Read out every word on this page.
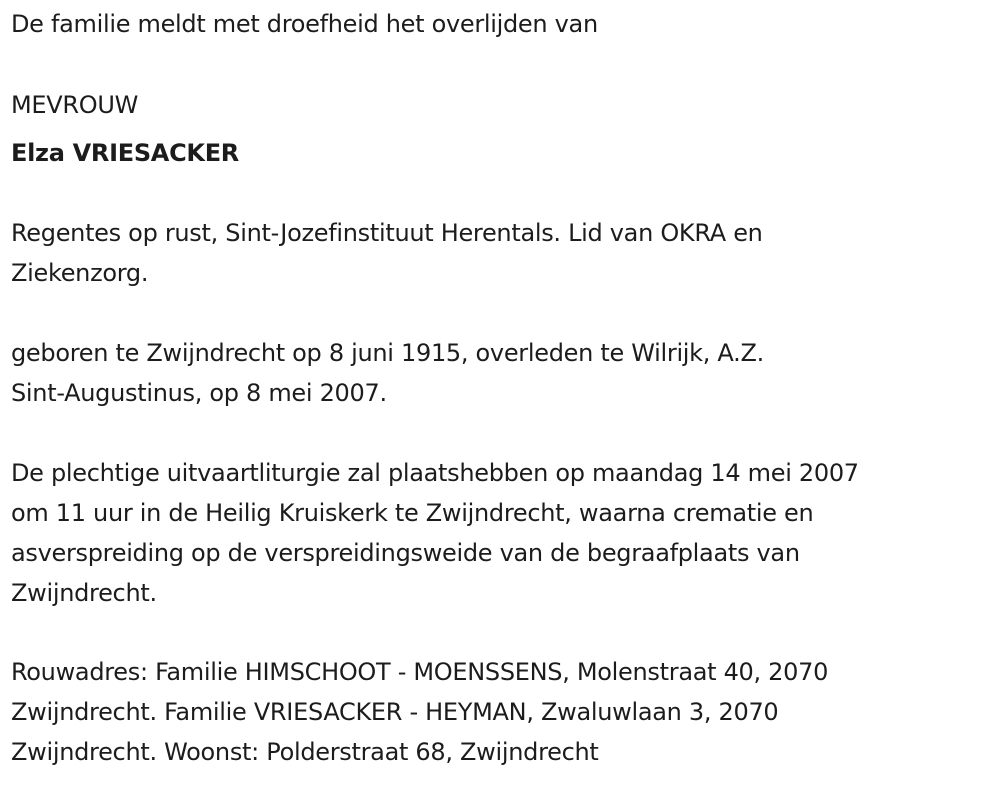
De familie meldt met droefheid het overlijden van
MEVROUW
Elza VRIESACKER
Regentes op rust, Sint-Jozefinstituut Herentals. Lid van OKRA en
Ziekenzorg.
geboren te Zwijndrecht op 8 juni 1915, overleden te Wilrijk, A.Z.
Sint-Augustinus, op 8 mei 2007.
De plechtige uitvaartliturgie zal plaatshebben op maandag 14 mei 2007
om 11 uur in de Heilig Kruiskerk te Zwijndrecht, waarna crematie en
asverspreiding op de verspreidingsweide van de begraafplaats van
Zwijndrecht.
Rouwadres: Familie HIMSCHOOT - MOENSSENS, Molenstraat 40, 2070
Zwijndrecht. Familie VRIESACKER - HEYMAN, Zwaluwlaan 3, 2070
Zwijndrecht. Woonst: Polderstraat 68, Zwijndrecht
